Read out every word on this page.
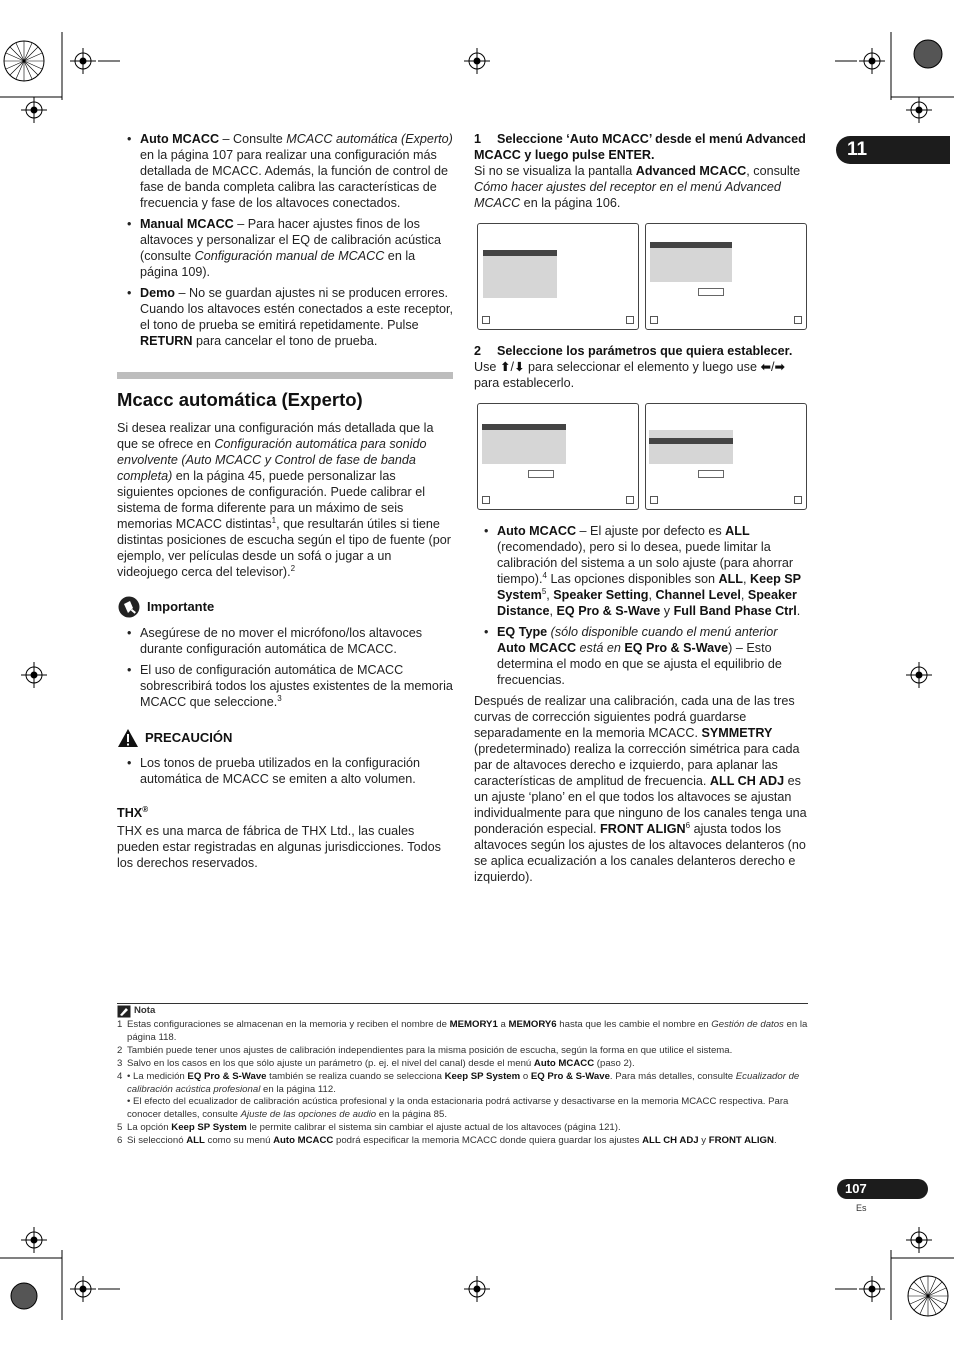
11
• Auto MCACC – Consulte MCACC automática (Experto) en la página 107 para realizar una configuración más detallada de MCACC. Además, la función de control de fase de banda completa calibra las características de frecuencia y fase de los altavoces conectados.
• Manual MCACC – Para hacer ajustes finos de los altavoces y personalizar el EQ de calibración acústica (consulte Configuración manual de MCACC en la página 109).
• Demo – No se guardan ajustes ni se producen errores. Cuando los altavoces estén conectados a este receptor, el tono de prueba se emitirá repetidamente. Pulse RETURN para cancelar el tono de prueba.
Mcacc automática (Experto)

Si desea realizar una configuración más detallada que la que se ofrece en Configuración automática para sonido envolvente (Auto MCACC y Control de fase de banda completa) en la página 45, puede personalizar las siguientes opciones de configuración. Puede calibrar el sistema de forma diferente para un máximo de seis memorias MCACC distintas$^1$, que resultarán útiles si tiene distintas posiciones de escucha según el tipo de fuente (por ejemplo, ver películas desde un sofá o jugar a un videojuego cerca del televisor).$^2$

Importante
• Asegúrese de no mover el micrófono/los altavoces durante configuración automática de MCACC.
• El uso de configuración automática de MCACC sobrescribirá todos los ajustes existentes de la memoria MCACC que seleccione.$^3$
PRECAUCIÓN
• Los tonos de prueba utilizados en la configuración automática de MCACC se emiten a alto volumen.
THX®

THX es una marca de fábrica de THX Ltd., las cuales pueden estar registradas en algunas jurisdicciones. Todos los derechos reservados.

1 Seleccione ‘Auto MCACC’ desde el menú Advanced MCACC y luego pulse ENTER.

Si no se visualiza la pantalla Advanced MCACC, consulte Cómo hacer ajustes del receptor en el menú Advanced MCACC en la página 106.

2 Seleccione los parámetros que quiera establecer.

Use ⬆/⬇ para seleccionar el elemento y luego use ⬅/➡ para establecerlo.

• Auto MCACC – El ajuste por defecto es ALL (recomendado), pero si lo desea, puede limitar la calibración del sistema a un solo ajuste (para ahorrar tiempo).$^4$ Las opciones disponibles son ALL, Keep SP System$^5$, Speaker Setting, Channel Level, Speaker Distance, EQ Pro & S-Wave y Full Band Phase Ctrl.
• EQ Type (sólo disponible cuando el menú anterior Auto MCACC está en EQ Pro & S-Wave) – Esto determina el modo en que se ajusta el equilibrio de frecuencias.

Después de realizar una calibración, cada una de las tres curvas de corrección siguientes podrá guardarse separadamente en la memoria MCACC. SYMMETRY (predeterminado) realiza la corrección simétrica para cada par de altavoces derecho e izquierdo, para aplanar las características de amplitud de frecuencia. ALL CH ADJ es un ajuste ‘plano’ en el que todos los altavoces se ajustan individualmente para que ninguno de los canales tenga una ponderación especial. FRONT ALIGN$^6$ ajusta todos los altavoces según los ajustes de los altavoces delanteros (no se aplica ecualización a los canales delanteros derecho e izquierdo).

Nota
1 Estas configuraciones se almacenan en la memoria y reciben el nombre de MEMORY1 a MEMORY6 hasta que les cambie el nombre en Gestión de datos en la página 118.
2 También puede tener unos ajustes de calibración independientes para la misma posición de escucha, según la forma en que utilice el sistema.
3 Salvo en los casos en los que sólo ajuste un parámetro (p. ej. el nivel del canal) desde el menú Auto MCACC (paso 2).
4 • La medición EQ Pro & S-Wave también se realiza cuando se selecciona Keep SP System o EQ Pro & S-Wave. Para más detalles, consulte Ecualizador de calibración acústica profesional en la página 112.
• El efecto del ecualizador de calibración acústica profesional y la onda estacionaria podrá activarse y desactivarse en la memoria MCACC respectiva. Para conocer detalles, consulte Ajuste de las opciones de audio en la página 85.
5 La opción Keep SP System le permite calibrar el sistema sin cambiar el ajuste actual de los altavoces (página 121).
6 Si seleccionó ALL como su menú Auto MCACC podrá especificar la memoria MCACC donde quiera guardar los ajustes ALL CH ADJ y FRONT ALIGN.
107
Es
